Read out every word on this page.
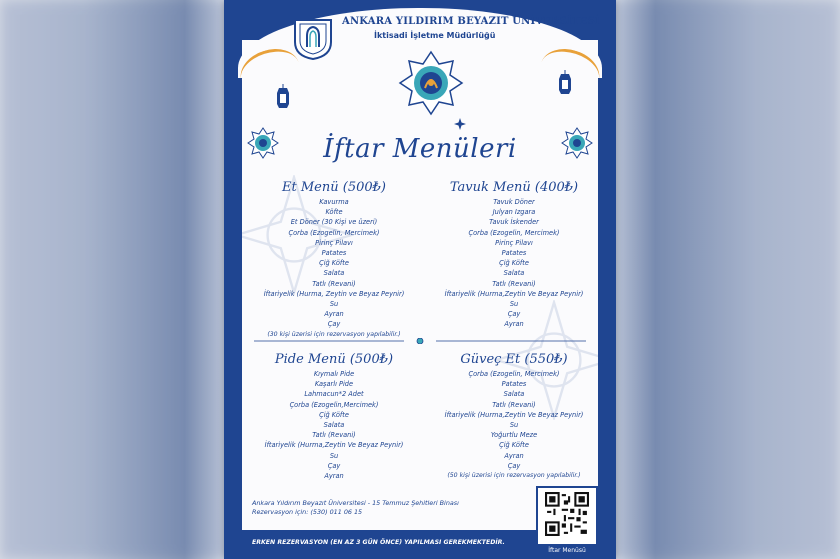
ANKARA YILDIRIM BEYAZIT ÜNİVERSİTESİ
İktisadi İşletme Müdürlüğü
İftar Menüleri
Et Menü (500₺)
Kavurma
Köfte
Et Döner (30 Kişi ve üzeri)
Çorba (Ezogelin, Mercimek)
Pirinç Pilavı
Patates
Çiğ Köfte
Salata
Tatlı (Revani)
İftariyelik (Hurma, Zeytin ve Beyaz Peynir)
Su
Ayran
Çay
(30 kişi üzerisi için rezervasyon yapılabilir.)
Tavuk Menü (400₺)
Tavuk Döner
Julyan Izgara
Tavuk İskender
Çorba (Ezogelin, Mercimek)
Pirinç Pilavı
Patates
Çiğ Köfte
Salata
Tatlı (Revani)
İftariyelik (Hurma,Zeytin Ve Beyaz Peynir)
Su
Çay
Ayran
Pide Menü (500₺)
Kıymalı Pide
Kaşarlı Pide
Lahmacun*2 Adet
Çorba (Ezogelin,Mercimek)
Çiğ Köfte
Salata
Tatlı (Revani)
İftariyelik (Hurma,Zeytin Ve Beyaz Peynir)
Su
Çay
Ayran
Güveç Et (550₺)
Çorba (Ezogelin, Mercimek)
Patates
Salata
Tatlı (Revani)
İftariyelik (Hurma,Zeytin Ve Beyaz Peynir)
Su
Yoğurtlu Meze
Çiğ Köfte
Ayran
Çay
(50 kişi üzerisi için rezervasyon yapılabilir.)
Ankara Yıldırım Beyazıt Üniversitesi - 15 Temmuz Şehitleri Binası
Rezervasyon için: (530) 011 06 15
ERKEN REZERVASYON (EN AZ 3 GÜN ÖNCE) YAPILMASI GEREKMEKTEDİR.
İftar Menüsü
